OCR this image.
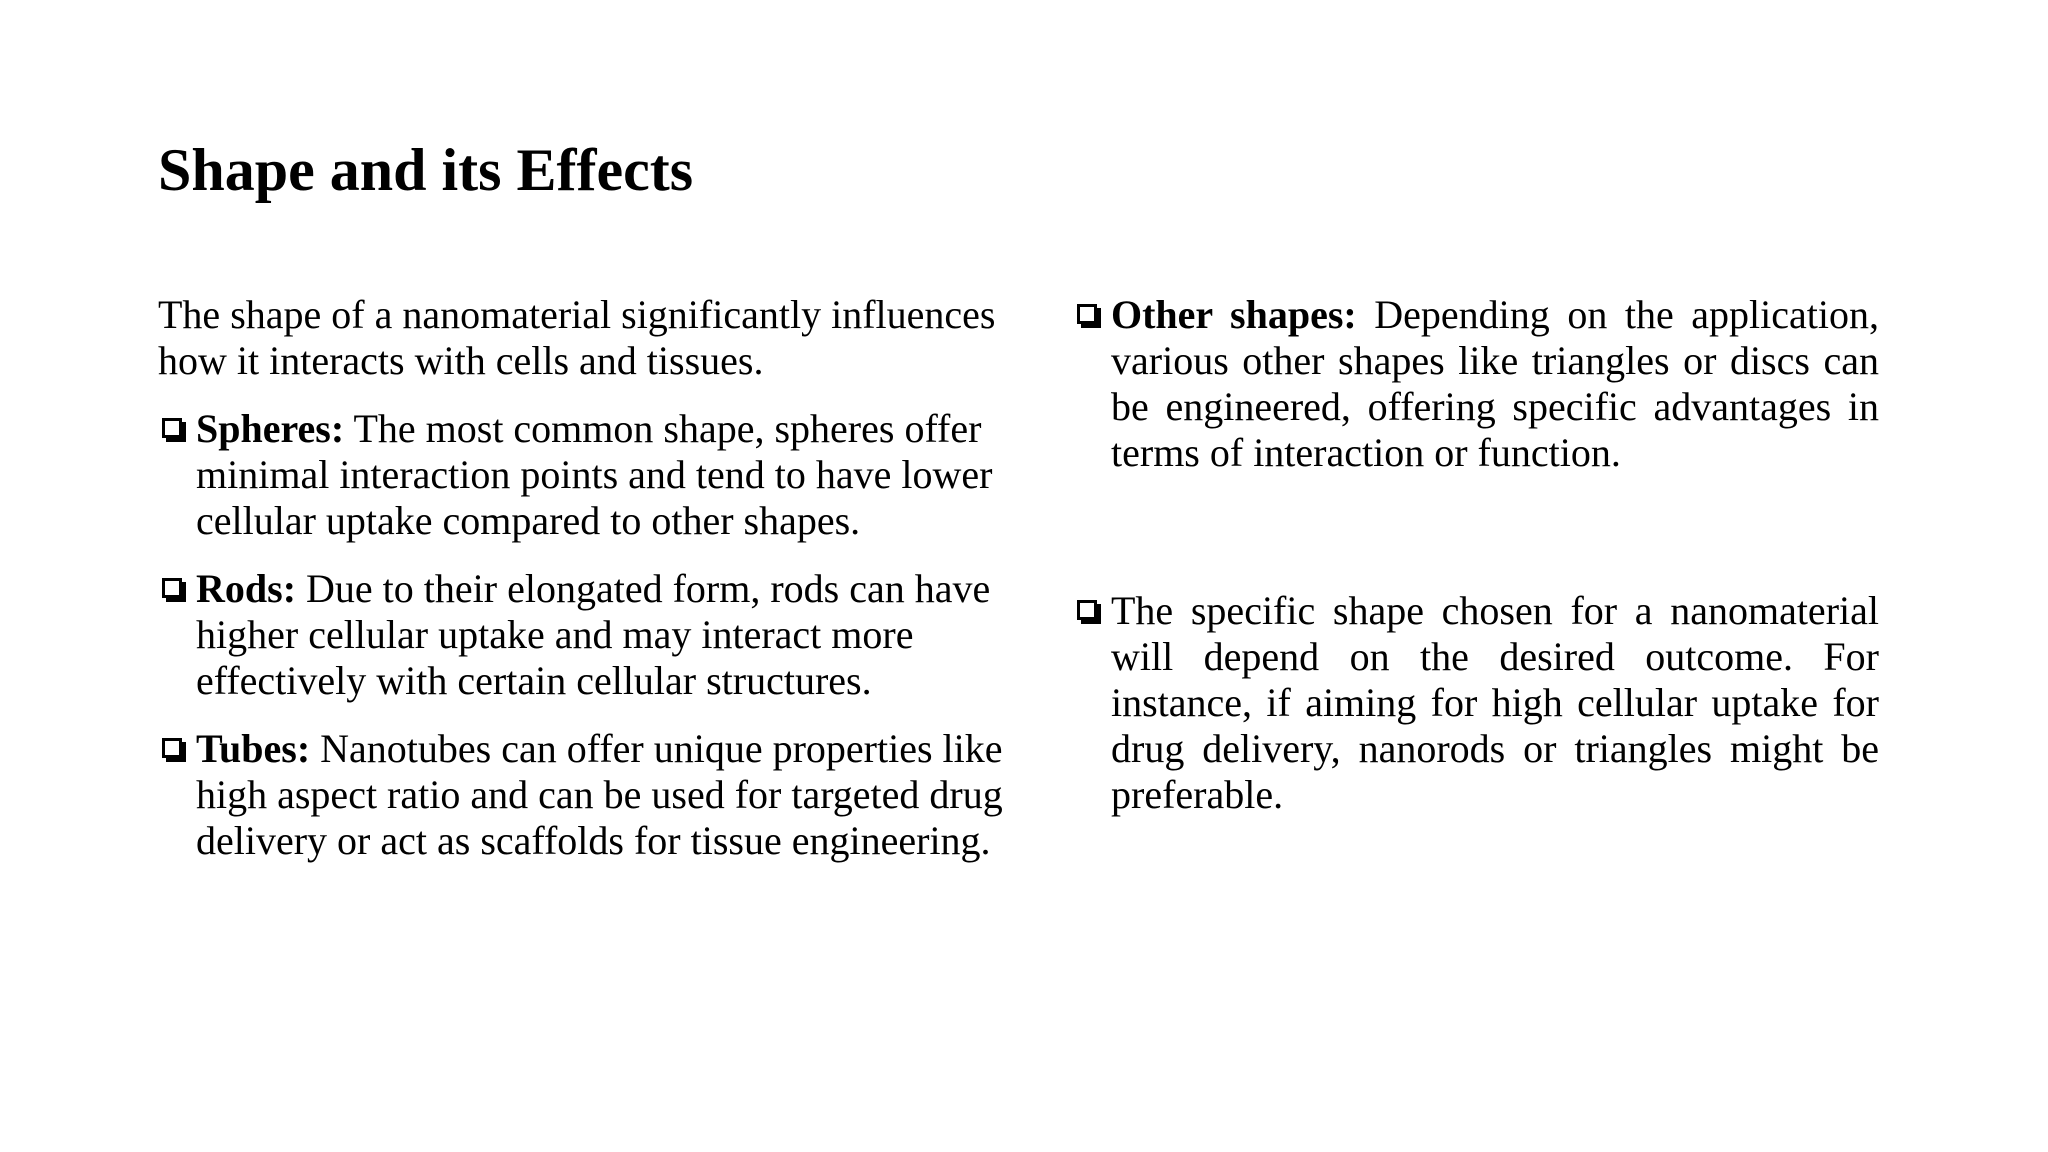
Shape and its Effects

The shape of a nanomaterial significantly influences how it interacts with cells and tissues.

Spheres: The most common shape, spheres offer minimal interaction points and tend to have lower cellular uptake compared to other shapes.
Rods: Due to their elongated form, rods can have higher cellular uptake and may interact more effectively with certain cellular structures.
Tubes: Nanotubes can offer unique properties like high aspect ratio and can be used for targeted drug delivery or act as scaffolds for tissue engineering.
Other shapes: Depending on the application, various other shapes like triangles or discs can be engineered, offering specific advantages in terms of interaction or function.
The specific shape chosen for a nanomaterial will depend on the desired outcome. For instance, if aiming for high cellular uptake for drug delivery, nanorods or triangles might be preferable.
